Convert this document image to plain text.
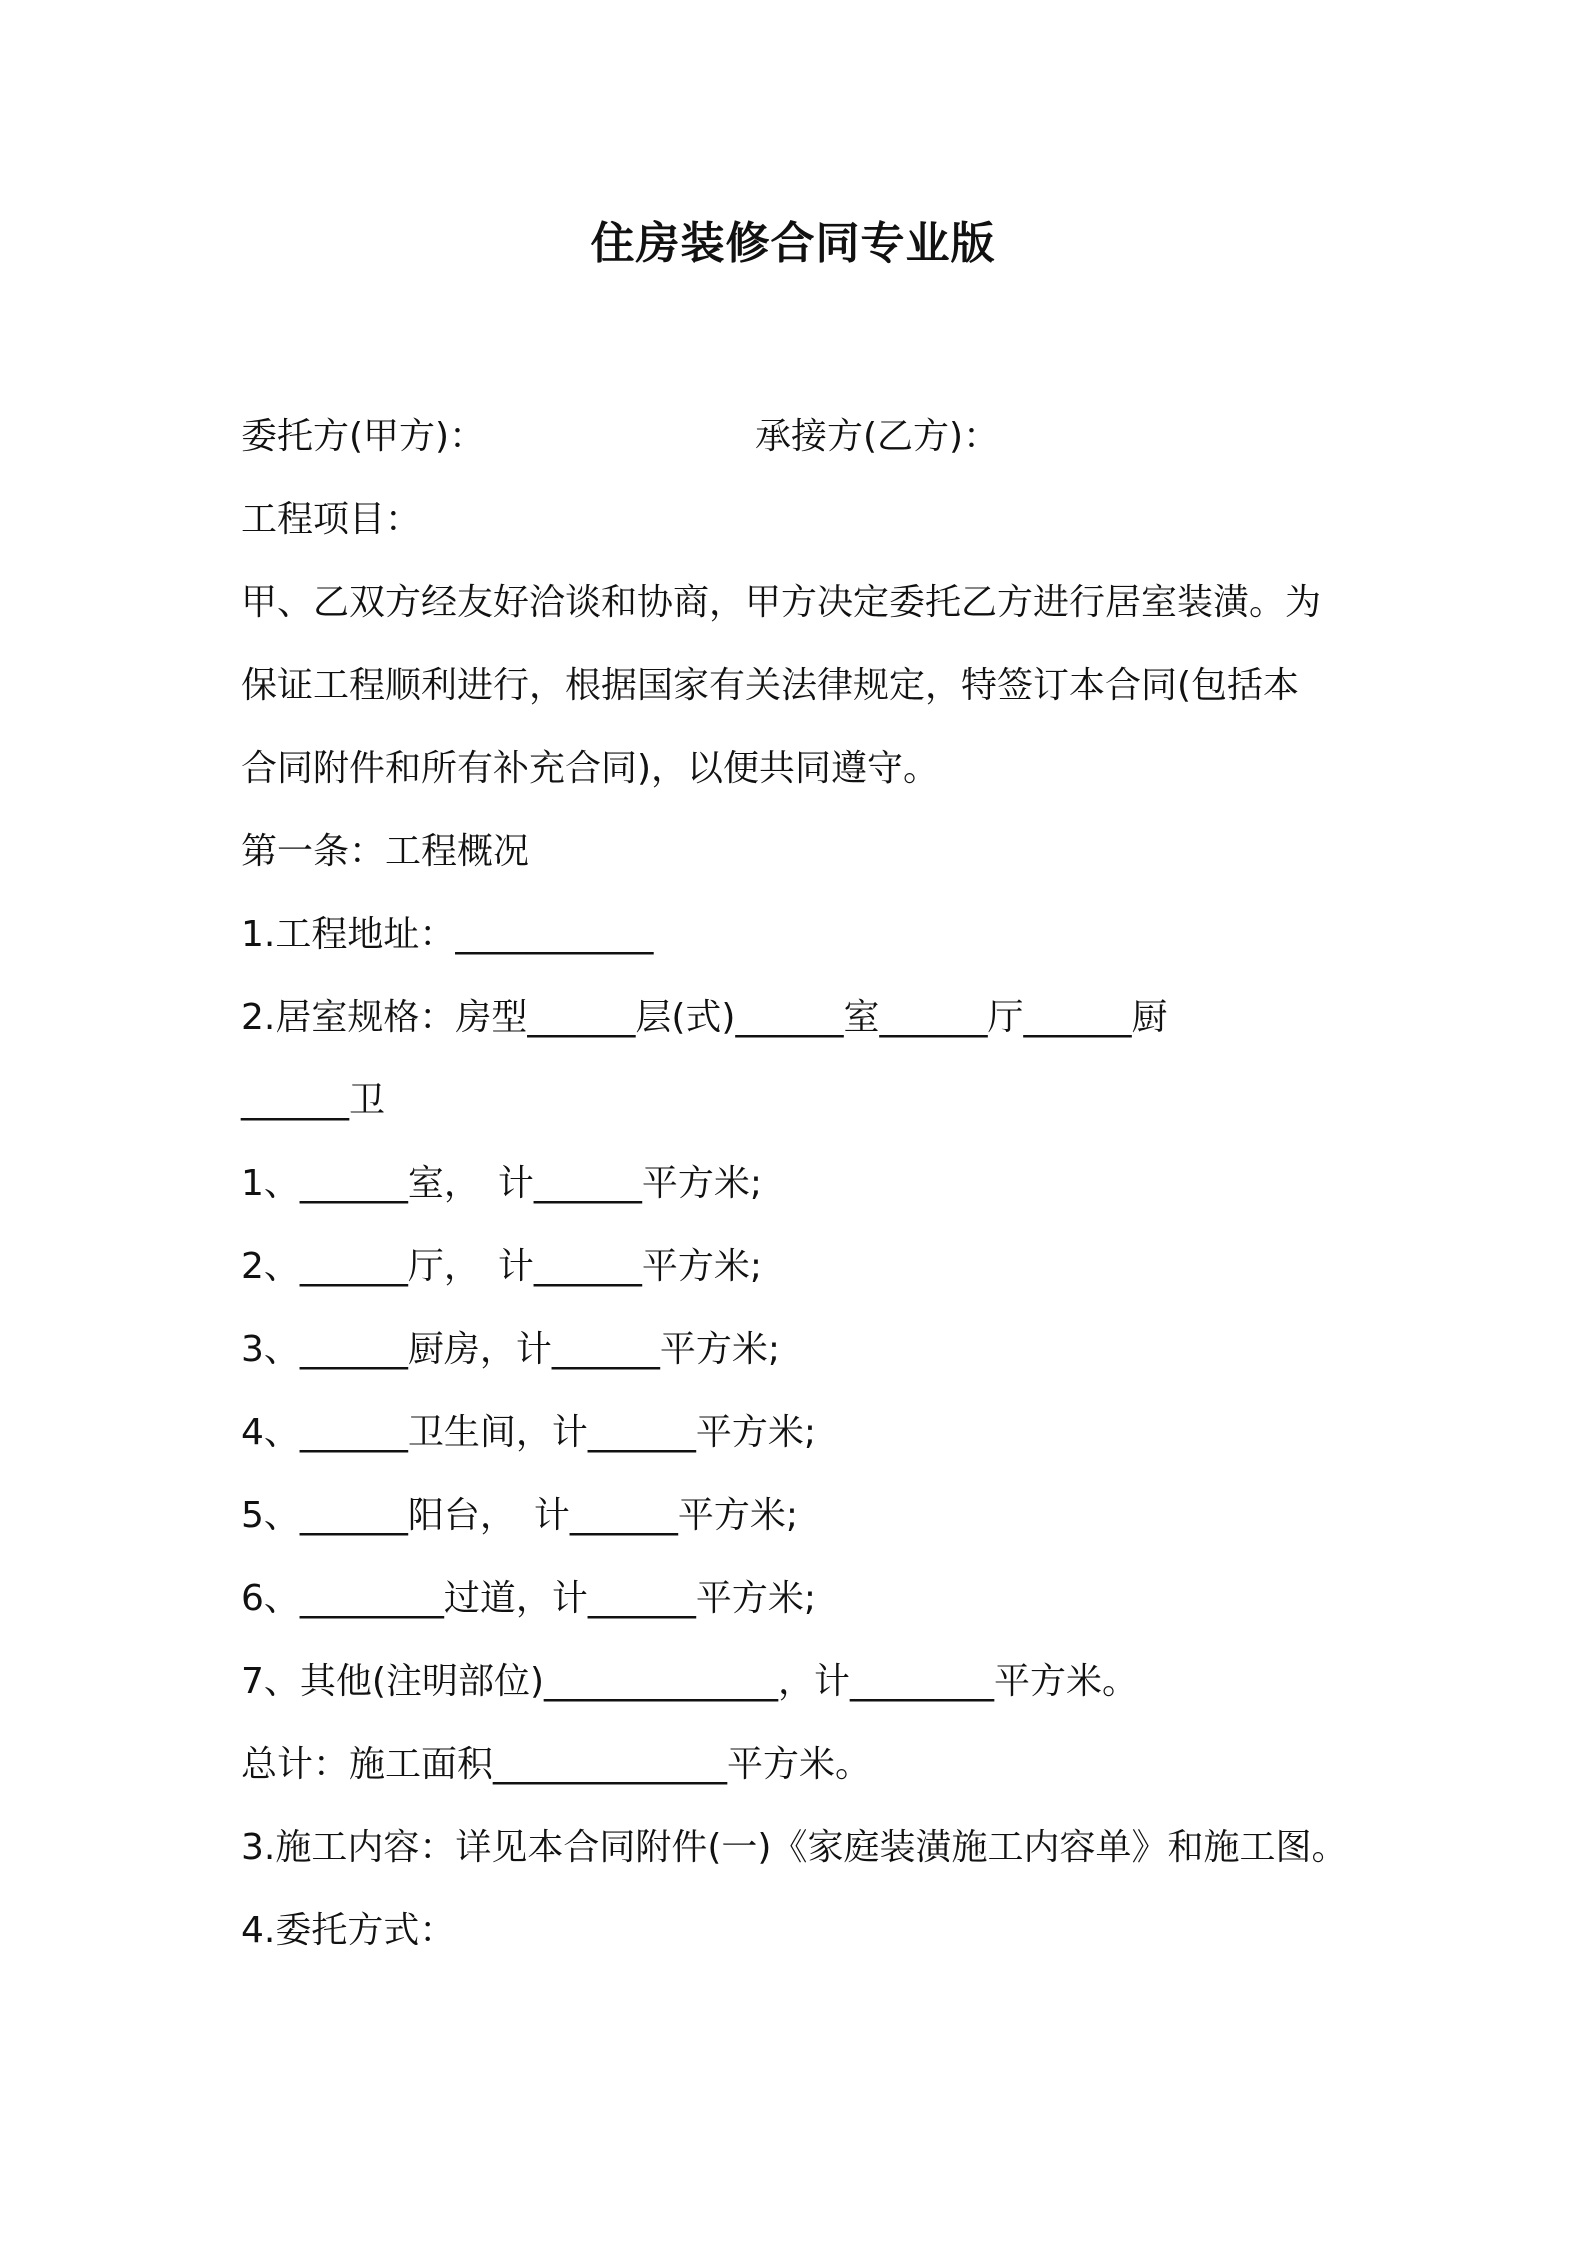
住房装修合同专业版
委托方(甲方)：	承接方(乙方)：
工程项目：
甲、乙双方经友好洽谈和协商，甲方决定委托乙方进行居室装潢。为
保证工程顺利进行，根据国家有关法律规定，特签订本合同(包括本
合同附件和所有补充合同)，以便共同遵守。
第一条：工程概况
1.工程地址：___________
2.居室规格：房型______层(式)______室______厅______厨
______卫
1、______室，　计______平方米;
2、______厅，　计______平方米;
3、______厨房，计______平方米;
4、______卫生间，计______平方米;
5、______阳台，　计______平方米;
6、________过道，计______平方米;
7、其他(注明部位)_____________，计________平方米。
总计：施工面积_____________平方米。
3.施工内容：详见本合同附件(一)《家庭装潢施工内容单》和施工图。
4.委托方式：
